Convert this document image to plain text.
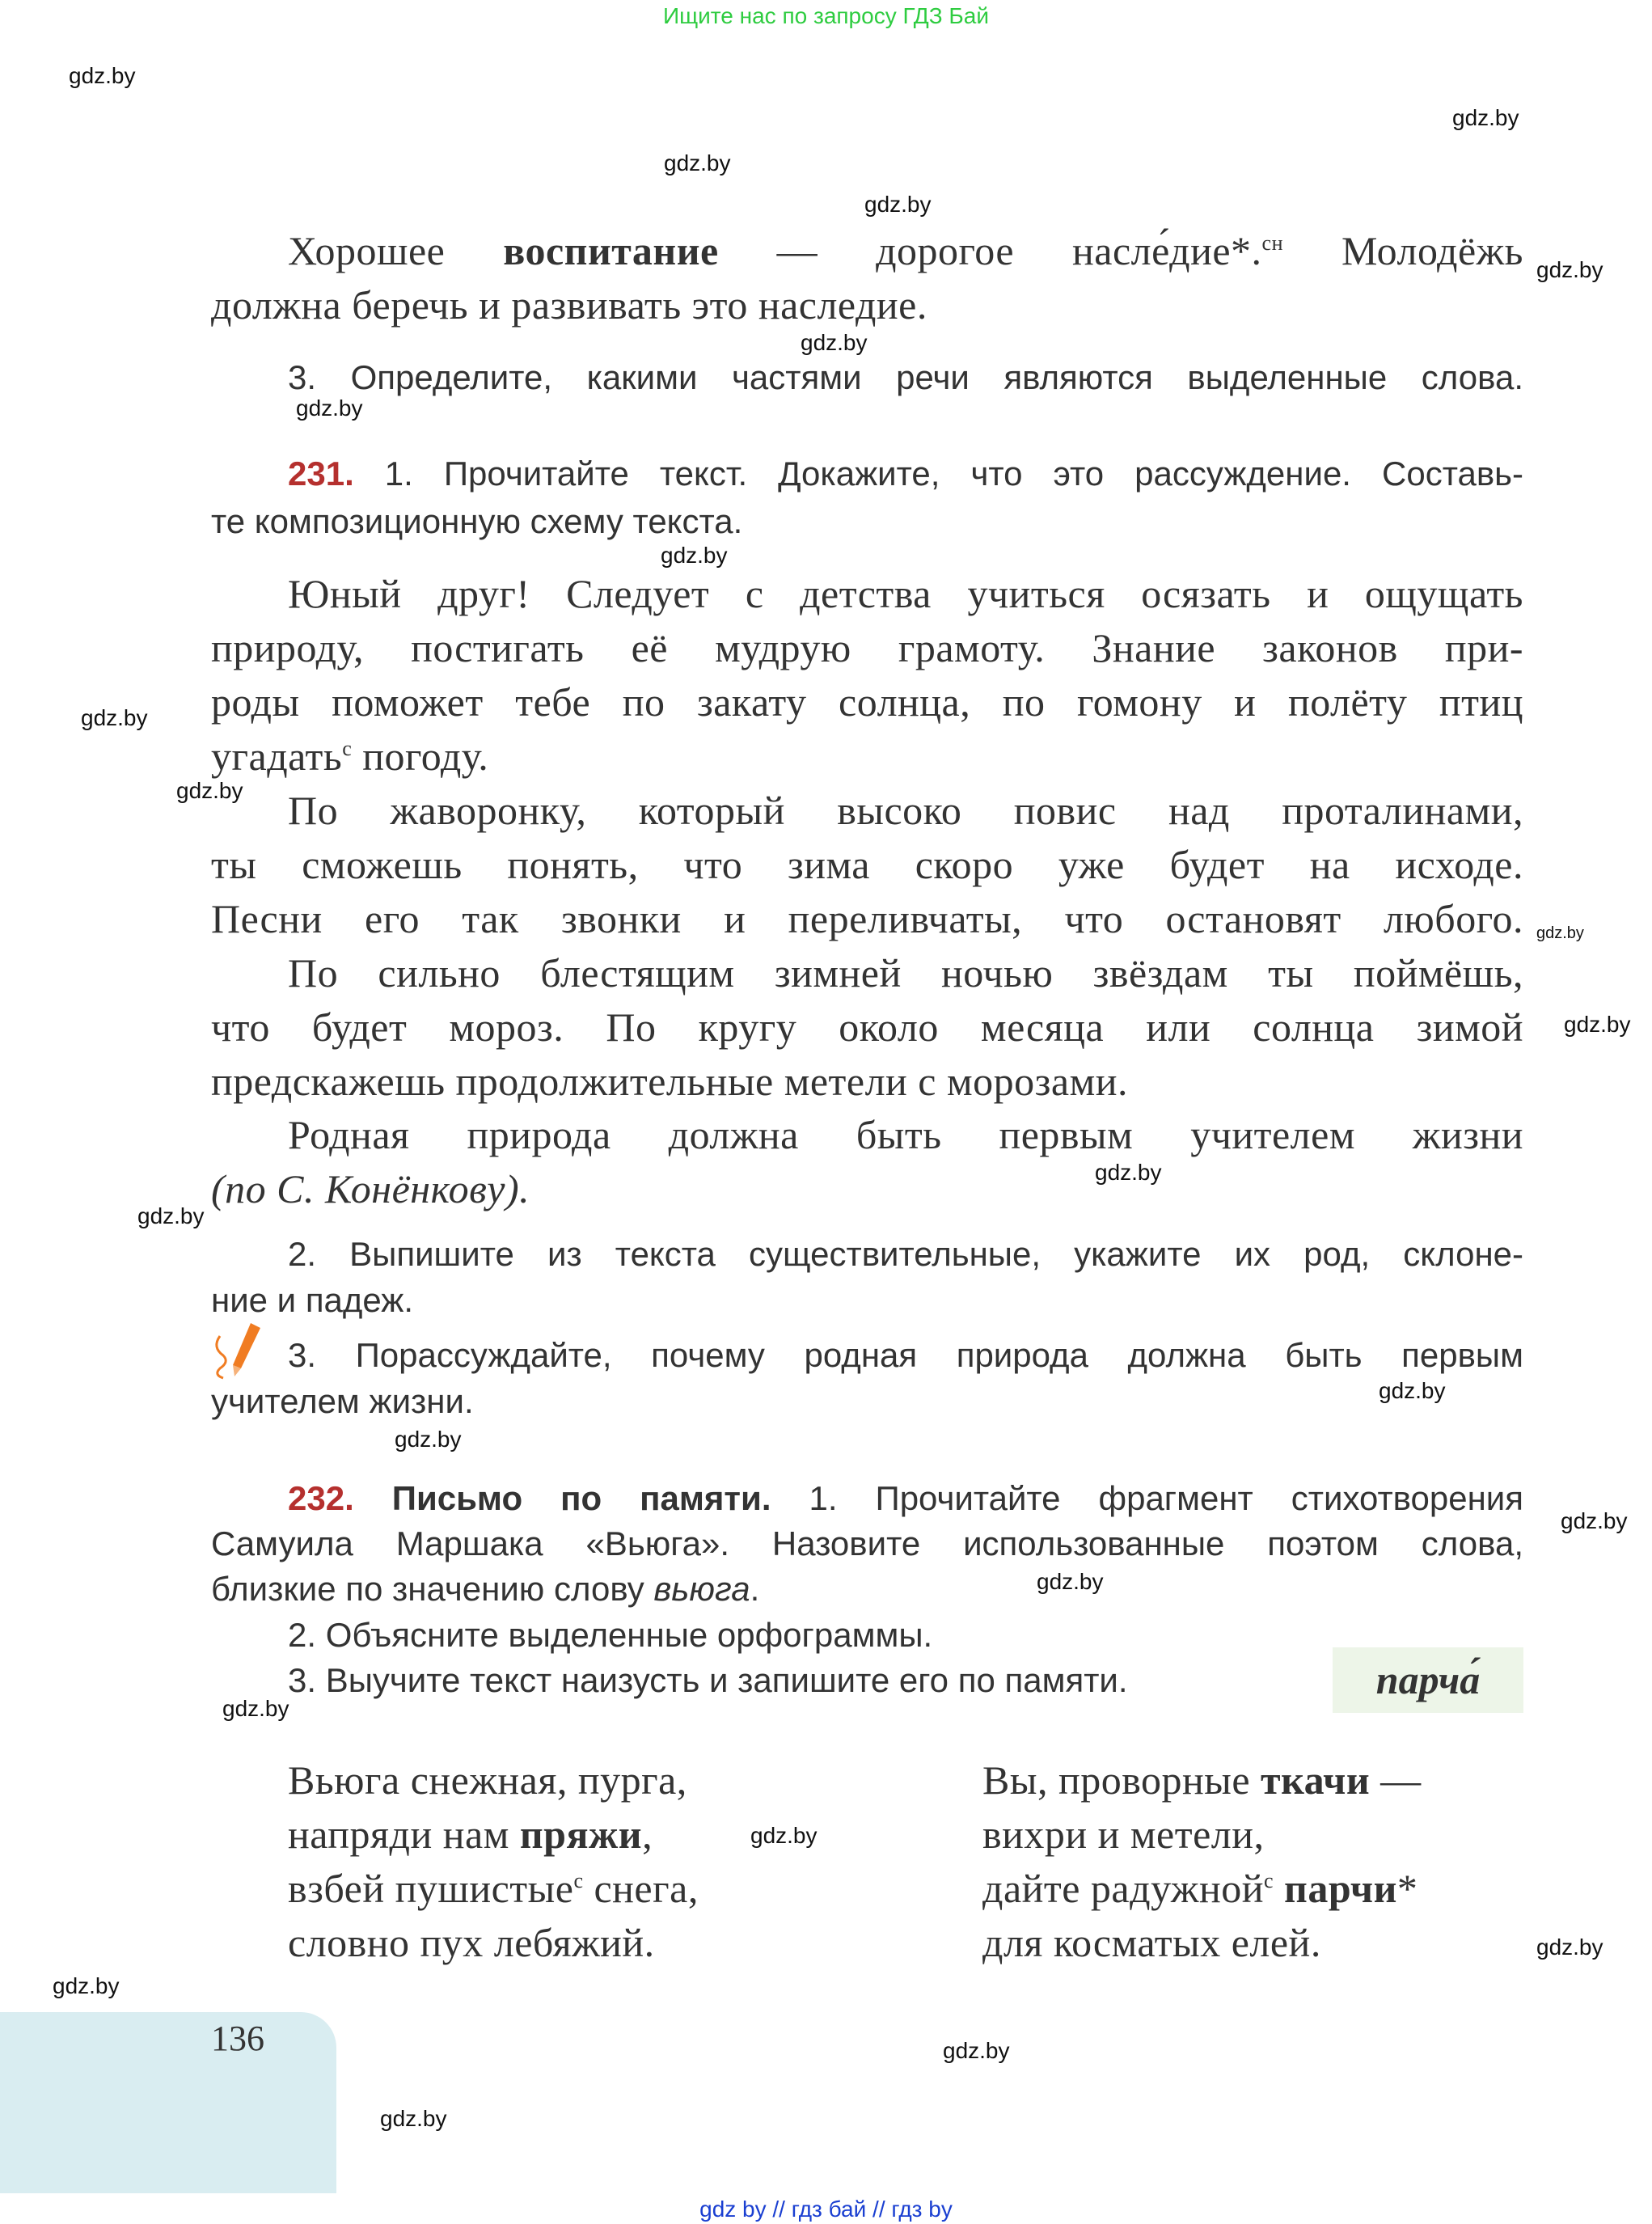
Ищите нас по запросу ГДЗ Бай
Хорошее воспитание — дорогое насле́дие*.$^{сн}$ Молодёжь
должна беречь и развивать это наследие.
3. Определите, какими частями речи являются выделенные слова.
231. 1. Прочитайте текст. Докажите, что это рассуждение. Составь-
те композиционную схему текста.
Юный друг! Следует с детства учиться осязать и ощущать
природу, постигать её мудрую грамоту. Знание законов при-
роды поможет тебе по закату солнца, по гомону и полёту птиц
угадать$^с$ погоду.
По жаворонку, который высоко повис над проталинами,
ты сможешь понять, что зима скоро уже будет на исходе.
Песни его так звонки и переливчаты, что остановят любого.
По сильно блестящим зимней ночью звёздам ты поймёшь,
что будет мороз. По кругу около месяца или солнца зимой
предскажешь продолжительные метели с морозами.
Родная природа должна быть первым учителем жизни
(по С. Конёнкову).
2. Выпишите из текста существительные, укажите их род, склоне-
ние и падеж.
3. Порассуждайте, почему родная природа должна быть первым
учителем жизни.
232. Письмо по памяти. 1. Прочитайте фрагмент стихотворения
Самуила Маршака «Вьюга». Назовите использованные поэтом слова,
близкие по значению слову вьюга.
2. Объясните выделенные орфограммы.
3. Выучите текст наизусть и запишите его по памяти.
Вьюга снежная, пурга,
напряди нам пряжи,
взбей пушистые$^с$ снега,
словно пух лебяжий.
Вы, проворные ткачи —
вихри и метели,
дайте радужной$^с$ парчи*
для косматых елей.
gdz.by
gdz.by
gdz.by
gdz.by
gdz.by
gdz.by
gdz.by
gdz.by
gdz.by
gdz.by
gdz.by
gdz.by
gdz.by
gdz.by
gdz.by
gdz.by
gdz.by
gdz.by
gdz.by
gdz.by
gdz.by
gdz.by
gdz.by
gdz.by
парча́
136
gdz by // гдз бай // гдз by
